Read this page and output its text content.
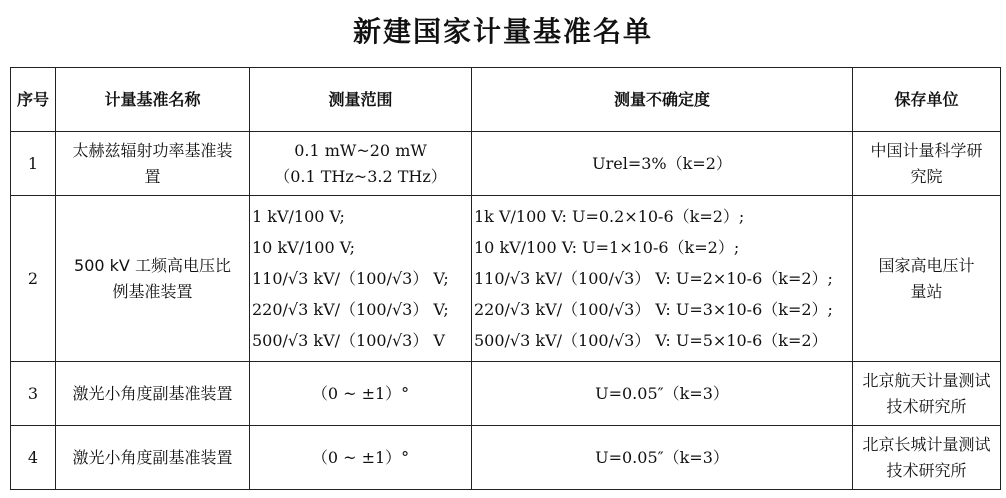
新建国家计量基准名单
序号	计量基准名称	测量范围	测量不确定度	保存单位
1	太赫兹辐射功率基准装置	0.1 mW~20 mW
（0.1 THz~3.2 THz）	Urel=3%（k=2）	中国计量科学研究院

2	500 kV 工频高电压比例基准装置	1 kV/100 V;
10 kV/100 V;
110/√3 kV/（100/√3） V;
220/√3 kV/（100/√3） V;
500/√3 kV/（100/√3） V	1k V/100 V: U=0.2×10-6（k=2）;
10 kV/100 V: U=1×10-6（k=2）;
110/√3 kV/（100/√3） V: U=2×10-6（k=2）;
220/√3 kV/（100/√3） V: U=3×10-6（k=2）;
500/√3 kV/（100/√3） V: U=5×10-6（k=2）	国家高电压计量站

3	激光小角度副基准装置	（0 ~ ±1）°	U=0.05″（k=3）	北京航天计量测试技术研究所

4	激光小角度副基准装置	（0 ~ ±1）°	U=0.05″（k=3）	北京长城计量测试技术研究所
